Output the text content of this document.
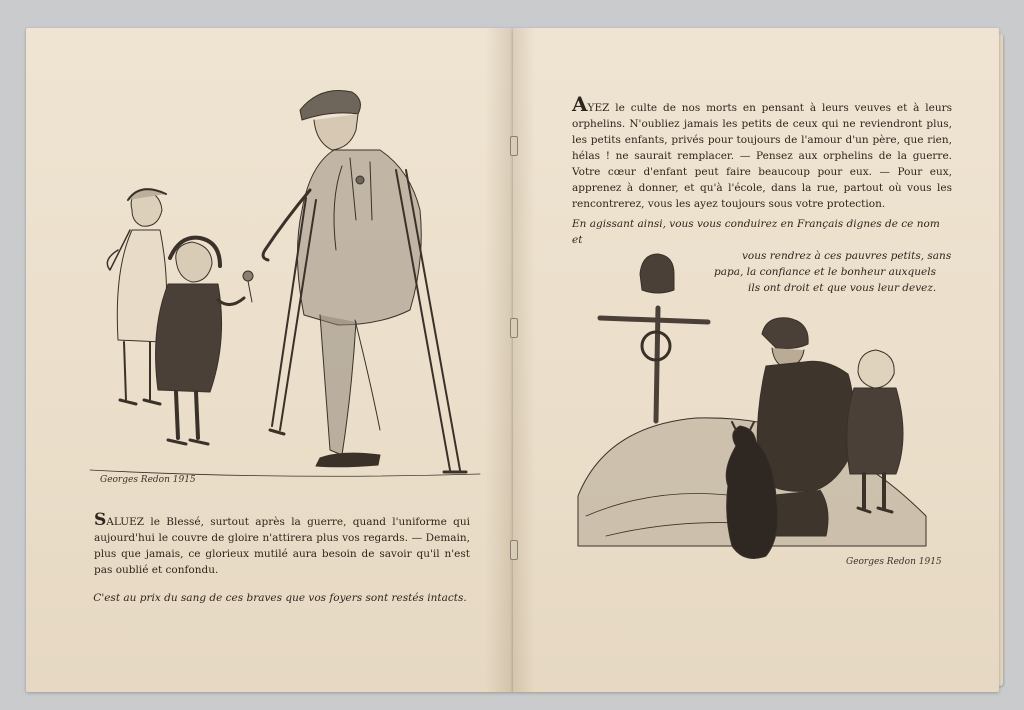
Georges Redon 1915
SALUEZ le Blessé, surtout après la guerre, quand l'uniforme qui aujourd'hui le couvre de gloire n'attirera plus vos regards. — Demain, plus que jamais, ce glorieux mutilé aura besoin de savoir qu'il n'est pas oublié et confondu.
C'est au prix du sang de ces braves que vos foyers sont restés intacts.
AYEZ le culte de nos morts en pensant à leurs veuves et à leurs orphelins. N'oubliez jamais les petits de ceux qui ne reviendront plus, les petits enfants, privés pour toujours de l'amour d'un père, que rien, hélas ! ne saurait remplacer. — Pensez aux orphelins de la guerre. Votre cœur d'enfant peut faire beaucoup pour eux. — Pour eux, apprenez à donner, et qu'à l'école, dans la rue, partout où vous les rencontrerez, vous les ayez toujours sous votre protection.
En agissant ainsi, vous vous conduirez en Français dignes de ce nom et
vous rendrez à ces pauvres petits, sans
papa, la confiance et le bonheur auxquels
ils ont droit et que vous leur devez.
Georges Redon 1915
